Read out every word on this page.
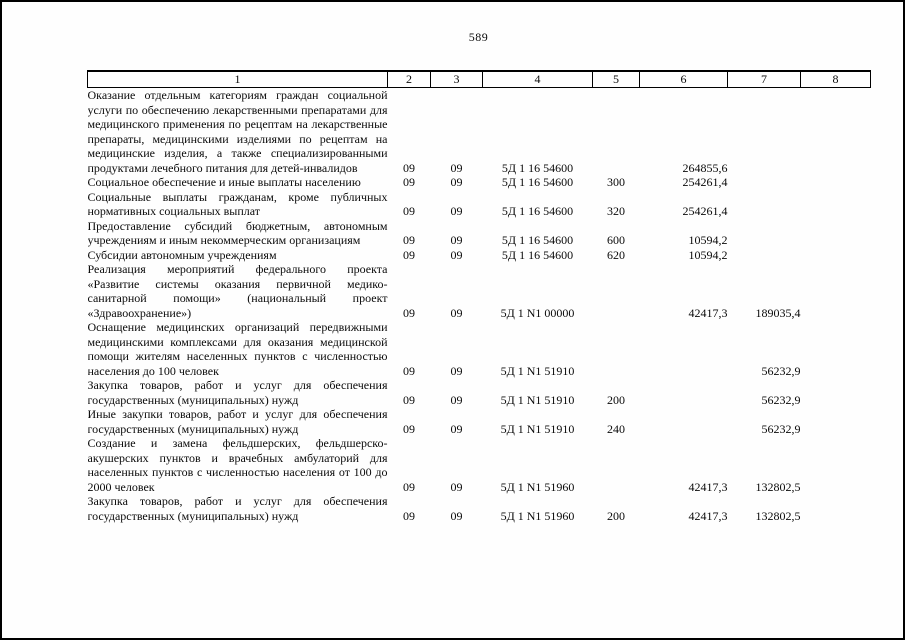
589
1	2	3	4	5	6	7	8
Оказание отдельным категориям граждан социальной услуги по обеспечению лекарственными препаратами для медицинского применения по рецептам на лекарственные препараты, медицинскими изделиями по рецептам на медицинские изделия, а также специализированными продуктами лечебного питания для детей-инвалидов	09	09	5Д 1 16 54600		264855,6		
Социальное обеспечение и иные выплаты населению	09	09	5Д 1 16 54600	300	254261,4		
Социальные выплаты гражданам, кроме публичных нормативных социальных выплат	09	09	5Д 1 16 54600	320	254261,4		
Предоставление субсидий бюджетным, автономным учреждениям и иным некоммерческим организациям	09	09	5Д 1 16 54600	600	10594,2		
Субсидии автономным учреждениям	09	09	5Д 1 16 54600	620	10594,2		
Реализация мероприятий федерального проекта «Развитие системы оказания первичной медико-санитарной помощи» (национальный проект «Здравоохранение»)	09	09	5Д 1 N1 00000		42417,3	189035,4	
Оснащение медицинских организаций передвижными медицинскими комплексами для оказания медицинской помощи жителям населенных пунктов с численностью населения до 100 человек	09	09	5Д 1 N1 51910			56232,9	
Закупка товаров, работ и услуг для обеспечения государственных (муниципальных) нужд	09	09	5Д 1 N1 51910	200		56232,9	
Иные закупки товаров, работ и услуг для обеспечения государственных (муниципальных) нужд	09	09	5Д 1 N1 51910	240		56232,9	
Создание и замена фельдшерских, фельдшерско-акушерских пунктов и врачебных амбулаторий для населенных пунктов с численностью населения от 100 до 2000 человек	09	09	5Д 1 N1 51960		42417,3	132802,5	
Закупка товаров, работ и услуг для обеспечения государственных (муниципальных) нужд	09	09	5Д 1 N1 51960	200	42417,3	132802,5	
